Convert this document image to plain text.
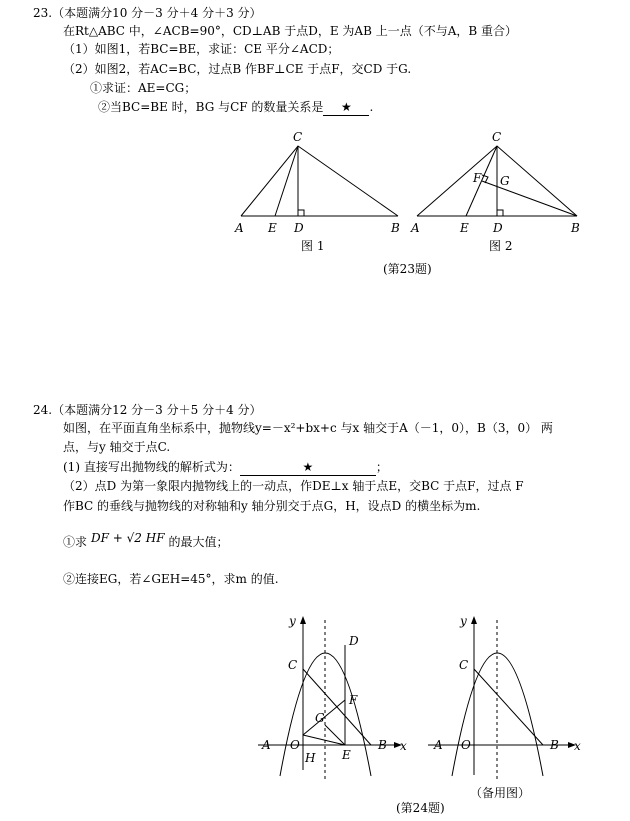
23.（本题满分10 分－3 分＋4 分＋3 分）
在Rt△ABC 中，∠ACB=90°，CD⊥AB 于点D，E 为AB 上一点（不与A，B 重合）
（1）如图1，若BC=BE，求证：CE 平分∠ACD；
（2）如图2，若AC=BC，过点B 作BF⊥CE 于点F，交CD 于G.
①求证：AE=CG；
②当BC=BE 时，BG 与CF 的数量关系是 ★ .
24.（本题满分12 分－3 分＋5 分＋4 分）
如图，在平面直角坐标系中，抛物线y=－x²+bx+c 与x 轴交于A（－1，0），B（3，0） 两
点，与y 轴交于点C.
(1) 直接写出抛物线的解析式为：	★	；
（2）点D 为第一象限内抛物线上的一动点，作DE⊥x 轴于点E，交BC 于点F，过点 F
作BC 的垂线与抛物线的对称轴和y 轴分别交于点G，H，设点D 的横坐标为m.
①求 DF + √2 HF 的最大值；
②连接EG，若∠GEH=45°，求m 的值.
C
A E D	B
C
A	E D	B
F G
y
x
O
A	B
C
D
E
F
G
H
y
x
O
A	B
C
图 1	图 2
(第23题)
（备用图）
(第24题)
